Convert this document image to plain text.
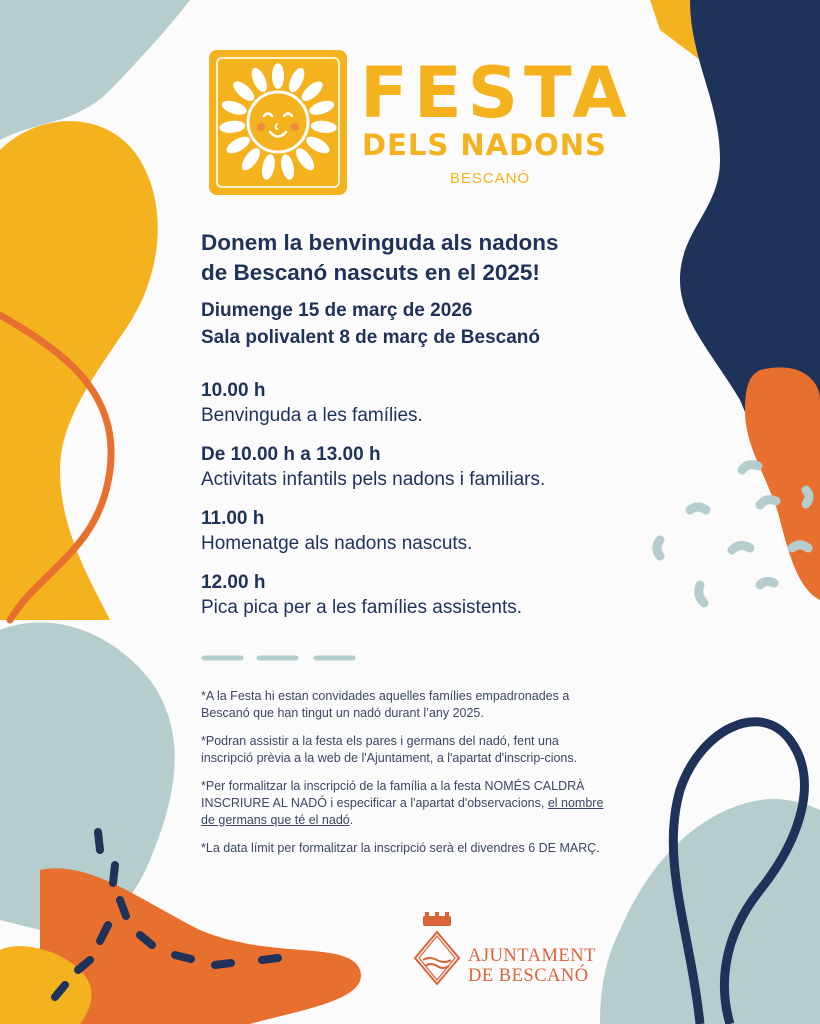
FESTA
DELS NADONS
BESCANÓ
Donem la benvinguda als nadons
de Bescanó nascuts en el 2025!
Diumenge 15 de març de 2026
Sala polivalent 8 de març de Bescanó
10.00 h
Benvinguda a les famílies.
De 10.00 h a 13.00 h
Activitats infantils pels nadons i familiars.
11.00 h
Homenatge als nadons nascuts.
12.00 h
Pica pica per a les famílies assistents.

*A la Festa hi estan convidades aquelles famílies empadronades a Bescanó que han tingut un nadó durant l’any 2025.

*Podran assistir a la festa els pares i germans del nadó, fent una inscripció prèvia a la web de l'Ajuntament, a l'apartat d'inscrip-cions.

*Per formalitzar la inscripció de la família a la festa NOMÉS CALDRÀ INSCRIURE AL NADÓ i especificar a l'apartat d'observacions, el nombre de germans que té el nadó.

*La data límit per formalitzar la inscripció serà el divendres 6 DE MARÇ.

AJUNTAMENT
DE BESCANÓ
